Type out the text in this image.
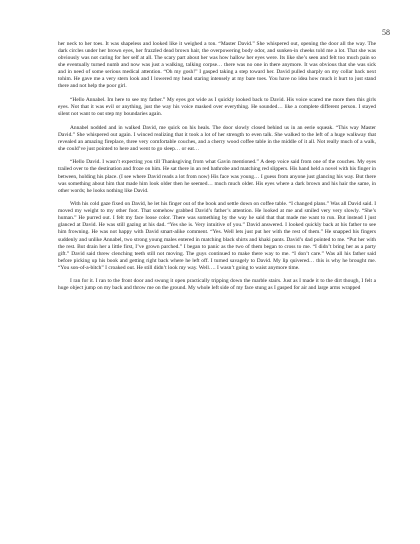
58

her neck to her toes. It was shapeless and looked like it weighed a ton. “Master David.” She whispered out, opening the door all the way. The dark circles under her brown eyes, her frazzled dead brown hair, the overpowering body odor, and sunken-in cheeks told me a lot. That she was obviously was not caring for her self at all. The scary part about her was how hallow her eyes were. Its like she’s seen and felt too much pain so she eventually turned numb and now was just a walking, talking corpse… there was no one in there anymore. It was obvious that she was sick and in need of some serious medical attention. “Oh my gosh!” I gasped taking a step toward her. David pulled sharply on my collar back next tohim. He gave me a very stern look and I lowered my head staring intensely at my bare toes. You have no idea how much it hurt to just stand there and not help the poor girl.

“Hello Annabel. Im here to see my father.” My eyes got wide as I quickly looked back to David. His voice scared me more then this girls eyes. Not that it was evil or anything, just the way his voice masked over everything. He sounded… like a complete different person. I stayed silent not want to out step my boundaries again.

Annabel nodded and in walked David, me quick on his heals. The door slowly closed behind us in an eerie squeak. “This way Master David.” She whispered out again. I winced realizing that it took a lot of her strength to even talk. She walked to the left of a huge walkway that revealed an amazing fireplace, three very comfortable couches, and a cherry wood coffee table in the middle of it all. Not really much of a walk, she could’ve just pointed to here and went to go sleep… or eat…

“Hello David. I wasn’t expecting you till Thanksgiving from what Gavin mentioned.” A deep voice said from one of the couches. My eyes trailed over to the destination and froze on him. He sat there in an red bathrobe and matching red slippers. His hand held a novel with his finger in between, holding his place. (I see where David reads a lot from now) His face was young… I guess from anyone just glancing his way. But there was something about him that made him look older then he seemed… much much older. His eyes where a dark brown and his hair the same, in other words; he looks nothing like David.

With his cold gaze fixed on David, he let his finger out of the book and settle down on coffee table. “I changed plans.” Was all David said. I moved my weight to my other foot. That somehow grabbed David’s father’s attention. He looked at me and smiled very very slowly. “She’s human.” He purred out. I felt my face loose color. There was something by the way he said that that made me want to run. But instead I just glanced at David. He was still gazing at his dad. “Yes she is. Very intuitive of you.” David answered. I looked quickly back at his father to see him frowning. He was not happy with David smart-alike comment. “Yes. Well lets just put her with the rest of them.” He snapped his fingers suddenly and unlike Annabel, two strong young males entered in matching black shirts and khaki pants. David’s dad pointed to me. “Put her with the rest. But drain her a little first, I’ve grown parched.” I began to panic as the two of them began to cross to me. “I didn’t bring her as a party gift.” David said threw clenching teeth still not moving. The guys continued to make there way to me. “I don’t care.” Was all his father said before picking up his book and getting right back where he left off. I turned savagely to David. My lip quivered… this is why he brought me. “You son-of-a-bitch” I croaked out. He still didn’t look my way. Well…. I wasn’t going to waist anymore time.

I ran for it. I ran to the front door and swung it open practically tripping down the marble stairs. Just as I made it to the dirt though, I felt a huge object jump on my back and throw me on the ground. My whole left side of my face stung as I gasped for air and large arms wrapped
